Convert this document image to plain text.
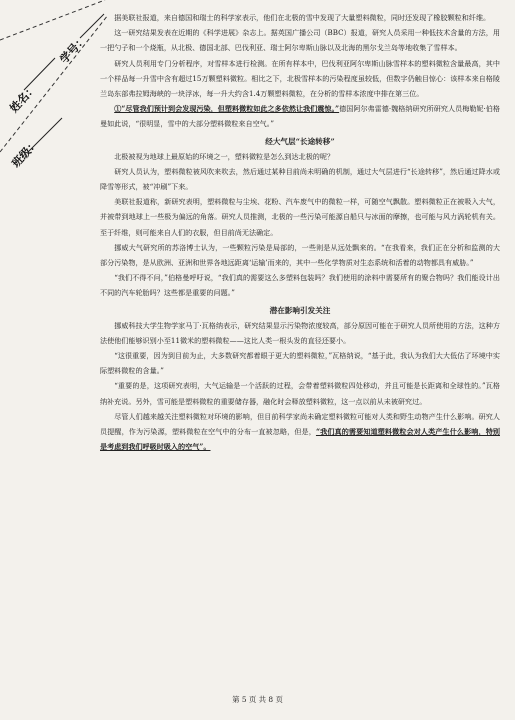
姓名：
学号：
班级：

据美联社报道，来自德国和瑞士的科学家表示，他们在北极的雪中发现了大量塑料微粒，同时还发现了橡胶颗粒和纤维。

这一研究结果发表在近期的《科学进展》杂志上。据英国广播公司（BBC）报道，研究人员采用一种低技术含量的方法，用一把勺子和一个烧瓶，从北极、德国北部、巴伐利亚、瑞士阿尔卑斯山脉以及北海的黑尔戈兰岛等地收集了雪样本。

研究人员利用专门分析程序，对雪样本进行检测。在所有样本中，巴伐利亚阿尔卑斯山脉雪样本的塑料微粒含量最高，其中一个样品每一升雪中含有超过15万颗塑料微粒。相比之下，北极雪样本的污染程度虽较低，但数字仍触目惊心：该样本来自格陵兰岛东部弗拉姆海峡的一块浮冰，每一升大约含1.4万颗塑料微粒，在分析的雪样本浓度中排在第三位。

①“尽管我们预计到会发现污染，但塑料微粒如此之多依然让我们震惊。”德国阿尔弗雷德·魏格纳研究所研究人员梅勒妮·伯格曼如此说，“很明显，雪中的大部分塑料微粒来自空气。”

经大气层“长途转移”

北极被视为地球上最原始的环境之一，塑料微粒是怎么到达北极的呢？

研究人员认为，塑料微粒被风吹来吹去，然后通过某种目前尚未明确的机制，通过大气层进行“长途转移”，然后通过降水或降雪等形式，被“冲刷”下来。

美联社报道称，新研究表明，塑料微粒与尘埃、花粉、汽车废气中的微粒一样，可随空气飘散。塑料微粒正在被吸入大气，并被带到地球上一些极为偏远的角落。研究人员推测，北极的一些污染可能源自船只与冰面的摩擦，也可能与风力涡轮机有关。至于纤维，则可能来自人们的衣服，但目前尚无法确定。

挪威大气研究所的苏洛博士认为，一些颗粒污染是局部的，一些则是从远处飘来的。“在我看来，我们正在分析和监测的大部分污染物，是从欧洲、亚洲和世界各地远距离‘运输’而来的，其中一些化学物质对生态系统和活着的动物都具有威胁。”

“我们不得不问，”伯格曼呼吁说，“我们真的需要这么多塑料包装吗？我们使用的涂料中需要所有的聚合物吗？我们能设计出不同的汽车轮胎吗？这些都是重要的问题。”

潜在影响引发关注

挪威科技大学生物学家马丁·瓦格纳表示，研究结果显示污染物浓度较高，部分原因可能在于研究人员所使用的方法，这种方法使他们能够识别小至11微米的塑料微粒——这比人类一根头发的直径还要小。

“这很重要，因为到目前为止，大多数研究都着眼于更大的塑料微粒，”瓦格纳说，“基于此，我认为我们大大低估了环境中实际塑料微粒的含量。”

“重要的是，这项研究表明，大气运输是一个活跃的过程，会带着塑料微粒四处移动，并且可能是长距离和全球性的。”瓦格纳补充说。另外，雪可能是塑料微粒的重要储存器，融化时会释放塑料微粒，这一点以前从未被研究过。

尽管人们越来越关注塑料微粒对环境的影响，但目前科学家尚未确定塑料微粒可能对人类和野生动物产生什么影响。研究人员提醒，作为污染源，塑料微粒在空气中的分布一直被忽略，但是，“我们真的需要知道塑料微粒会对人类产生什么影响，特别是考虑到我们呼吸时吸入的空气”。

第 5 页 共 8 页
